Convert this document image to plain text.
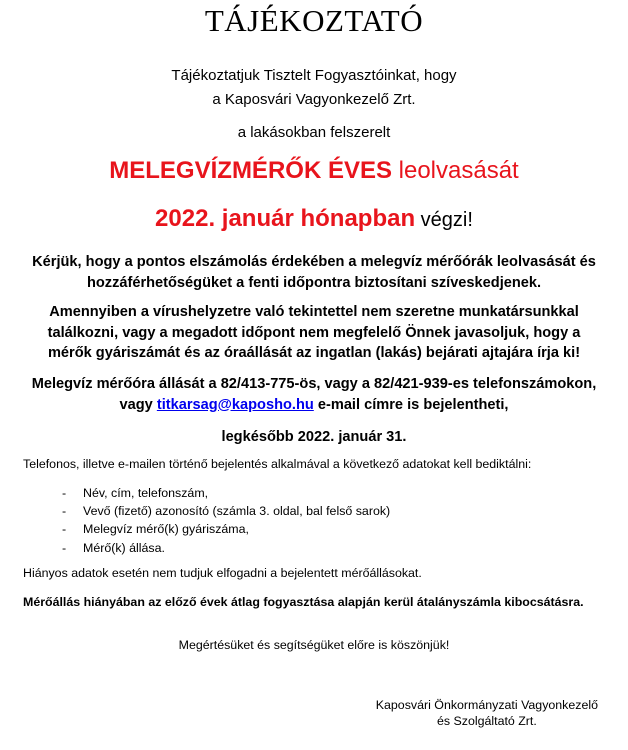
TÁJÉKOZTATÓ
Tájékoztatjuk Tisztelt Fogyasztóinkat, hogy
a Kaposvári Vagyonkezelő Zrt.
a lakásokban felszerelt
MELEGVÍZMÉRŐK ÉVES leolvasását
2022. január hónapban végzi!
Kérjük, hogy a pontos elszámolás érdekében a melegvíz mérőórák leolvasását és
hozzáférhetőségüket a fenti időpontra biztosítani szíveskedjenek.
Amennyiben a vírushelyzetre való tekintettel nem szeretne munkatársunkkal
találkozni, vagy a megadott időpont nem megfelelő Önnek javasoljuk, hogy a
mérők gyáriszámát és az óraállását az ingatlan (lakás) bejárati ajtajára írja ki!
Melegvíz mérőóra állását a 82/413-775-ös, vagy a 82/421-939-es telefonszámokon,
vagy titkarsag@kaposho.hu e-mail címre is bejelentheti,
legkésőbb 2022. január 31.
Telefonos, illetve e-mailen történő bejelentés alkalmával a következő adatokat kell bediktálni:
- Név, cím, telefonszám,
- Vevő (fizető) azonosító (számla 3. oldal, bal felső sarok)
- Melegvíz mérő(k) gyáriszáma,
- Mérő(k) állása.
Hiányos adatok esetén nem tudjuk elfogadni a bejelentett mérőállásokat.
Mérőállás hiányában az előző évek átlag fogyasztása alapján kerül átalányszámla kibocsátásra.
Megértésüket és segítségüket előre is köszönjük!
Kaposvári Önkormányzati Vagyonkezelő
és Szolgáltató Zrt.
